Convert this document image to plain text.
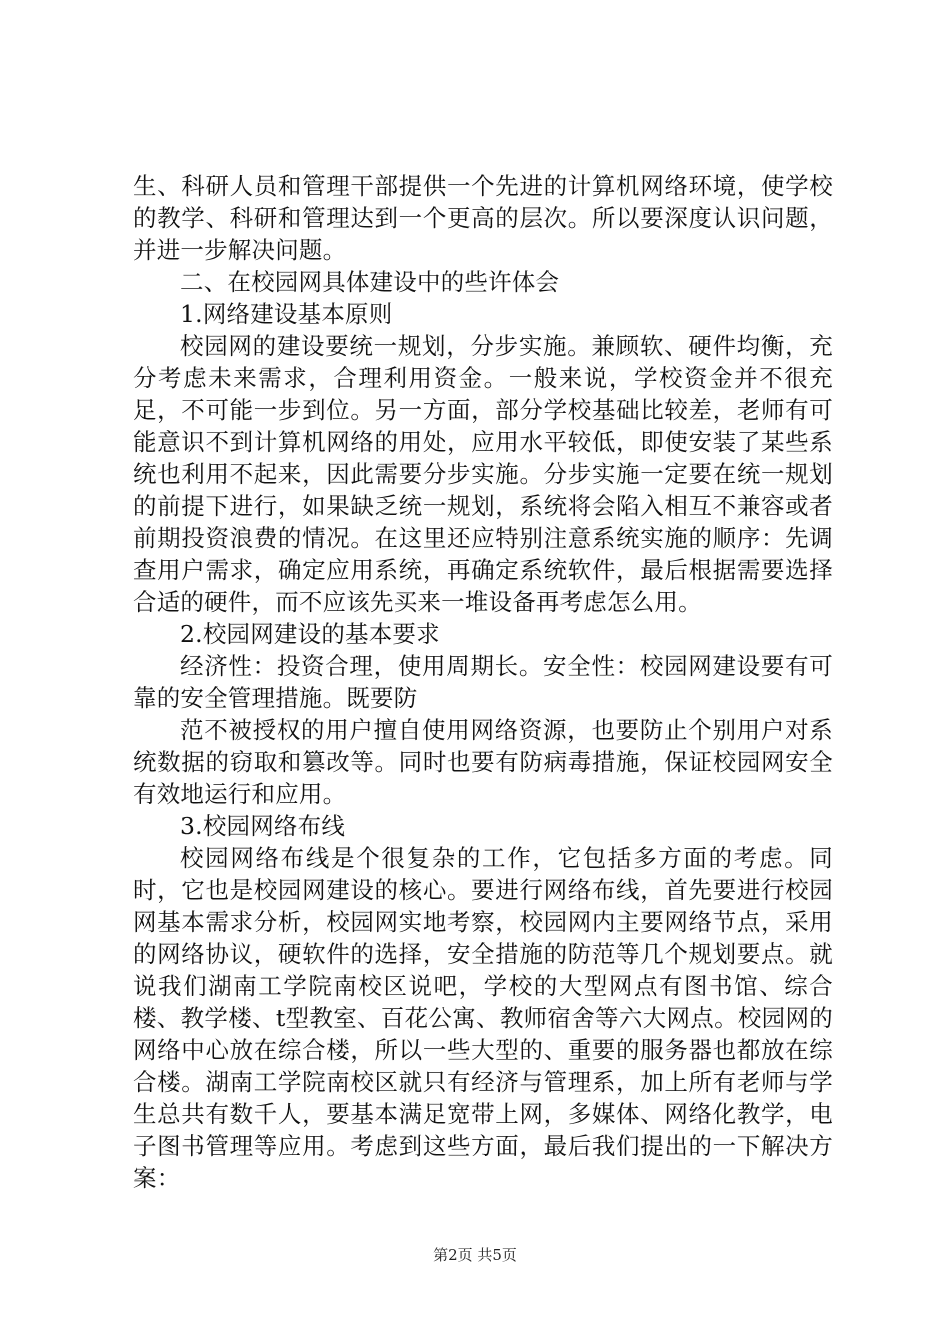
生、科研人员和管理干部提供一个先进的计算机网络环境，使学校的教学、科研和管理达到一个更高的层次。所以要深度认识问题，并进一步解决问题。

二、在校园网具体建设中的些许体会

1.网络建设基本原则

校园网的建设要统一规划，分步实施。兼顾软、硬件均衡，充分考虑未来需求，合理利用资金。一般来说，学校资金并不很充足，不可能一步到位。另一方面，部分学校基础比较差，老师有可能意识不到计算机网络的用处，应用水平较低，即使安装了某些系统也利用不起来，因此需要分步实施。分步实施一定要在统一规划的前提下进行，如果缺乏统一规划，系统将会陷入相互不兼容或者前期投资浪费的情况。在这里还应特别注意系统实施的顺序：先调查用户需求，确定应用系统，再确定系统软件，最后根据需要选择合适的硬件，而不应该先买来一堆设备再考虑怎么用。

2.校园网建设的基本要求

经济性：投资合理，使用周期长。安全性：校园网建设要有可靠的安全管理措施。既要防

范不被授权的用户擅自使用网络资源，也要防止个别用户对系统数据的窃取和篡改等。同时也要有防病毒措施，保证校园网安全有效地运行和应用。

3.校园网络布线

校园网络布线是个很复杂的工作，它包括多方面的考虑。同时，它也是校园网建设的核心。要进行网络布线，首先要进行校园网基本需求分析，校园网实地考察，校园网内主要网络节点，采用的网络协议，硬软件的选择，安全措施的防范等几个规划要点。就说我们湖南工学院南校区说吧，学校的大型网点有图书馆、综合楼、教学楼、t型教室、百花公寓、教师宿舍等六大网点。校园网的网络中心放在综合楼，所以一些大型的、重要的服务器也都放在综合楼。湖南工学院南校区就只有经济与管理系，加上所有老师与学生总共有数千人，要基本满足宽带上网，多媒体、网络化教学，电子图书管理等应用。考虑到这些方面，最后我们提出的一下解决方案：

第2页 共5页
